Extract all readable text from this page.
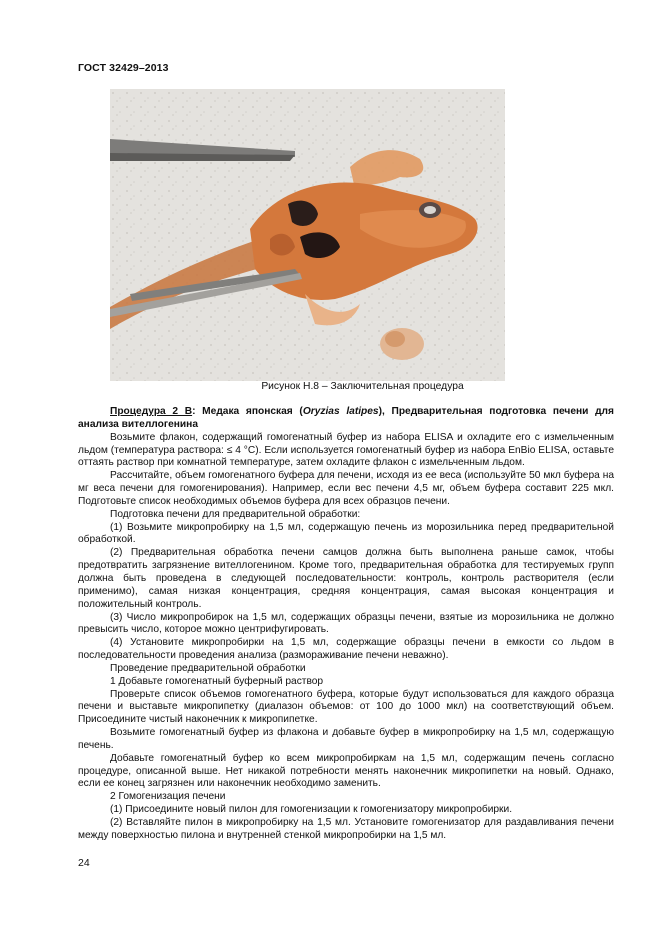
ГОСТ 32429–2013
Рисунок Н.8 – Заключительная процедура

Процедура 2 В: Медака японская (Oryzias latipes), Предварительная подготовка печени для анализа вителлогенина

Возьмите флакон, содержащий гомогенатный буфер из набора ELISA и охладите его с измельченным льдом (температура раствора: ≤ 4 °С). Если используется гомогенатный буфер из набора EnBio ELISA, оставьте оттаять раствор при комнатной температуре, затем охладите флакон с измельченным льдом.

Рассчитайте, объем гомогенатного буфера для печени, исходя из ее веса (используйте 50 мкл буфера на мг веса печени для гомогенирования). Например, если вес печени 4,5 мг, объем буфера составит 225 мкл. Подготовьте список необходимых объемов буфера для всех образцов печени.

Подготовка печени для предварительной обработки:

(1) Возьмите микропробирку на 1,5 мл, содержащую печень из морозильника перед предварительной обработкой.

(2) Предварительная обработка печени самцов должна быть выполнена раньше самок, чтобы предотвратить загрязнение вителлогенином. Кроме того, предварительная обработка для тестируемых групп должна быть проведена в следующей последовательности: контроль, контроль растворителя (если применимо), самая низкая концентрация, средняя концентрация, самая высокая концентрация и положительный контроль.

(3) Число микропробирок на 1,5 мл, содержащих образцы печени, взятые из морозильника не должно превысить число, которое можно центрифугировать.

(4) Установите микропробирки на 1,5 мл, содержащие образцы печени в емкости со льдом в последовательности проведения анализа (размораживание печени неважно).

Проведение предварительной обработки

1 Добавьте гомогенатный буферный раствор

Проверьте список объемов гомогенатного буфера, которые будут использоваться для каждого образца печени и выставьте микропипетку (диалазон объемов: от 100 до 1000 мкл) на соответствующий объем. Присоедините чистый наконечник к микропипетке.

Возьмите гомогенатный буфер из флакона и добавьте буфер в микропробирку на 1,5 мл, содержащую печень.

Добавьте гомогенатный буфер ко всем микропробиркам на 1,5 мл, содержащим печень согласно процедуре, описанной выше. Нет никакой потребности менять наконечник микропипетки на новый. Однако, если ее конец загрязнен или наконечник необходимо заменить.

2 Гомогенизация печени

(1) Присоедините новый пилон для гомогенизации к гомогенизатору микропробирки.

(2) Вставляйте пилон в микропробирку на 1,5 мл. Установите гомогенизатор для раздавливания печени между поверхностью пилона и внутренней стенкой микропробирки на 1,5 мл.

24
